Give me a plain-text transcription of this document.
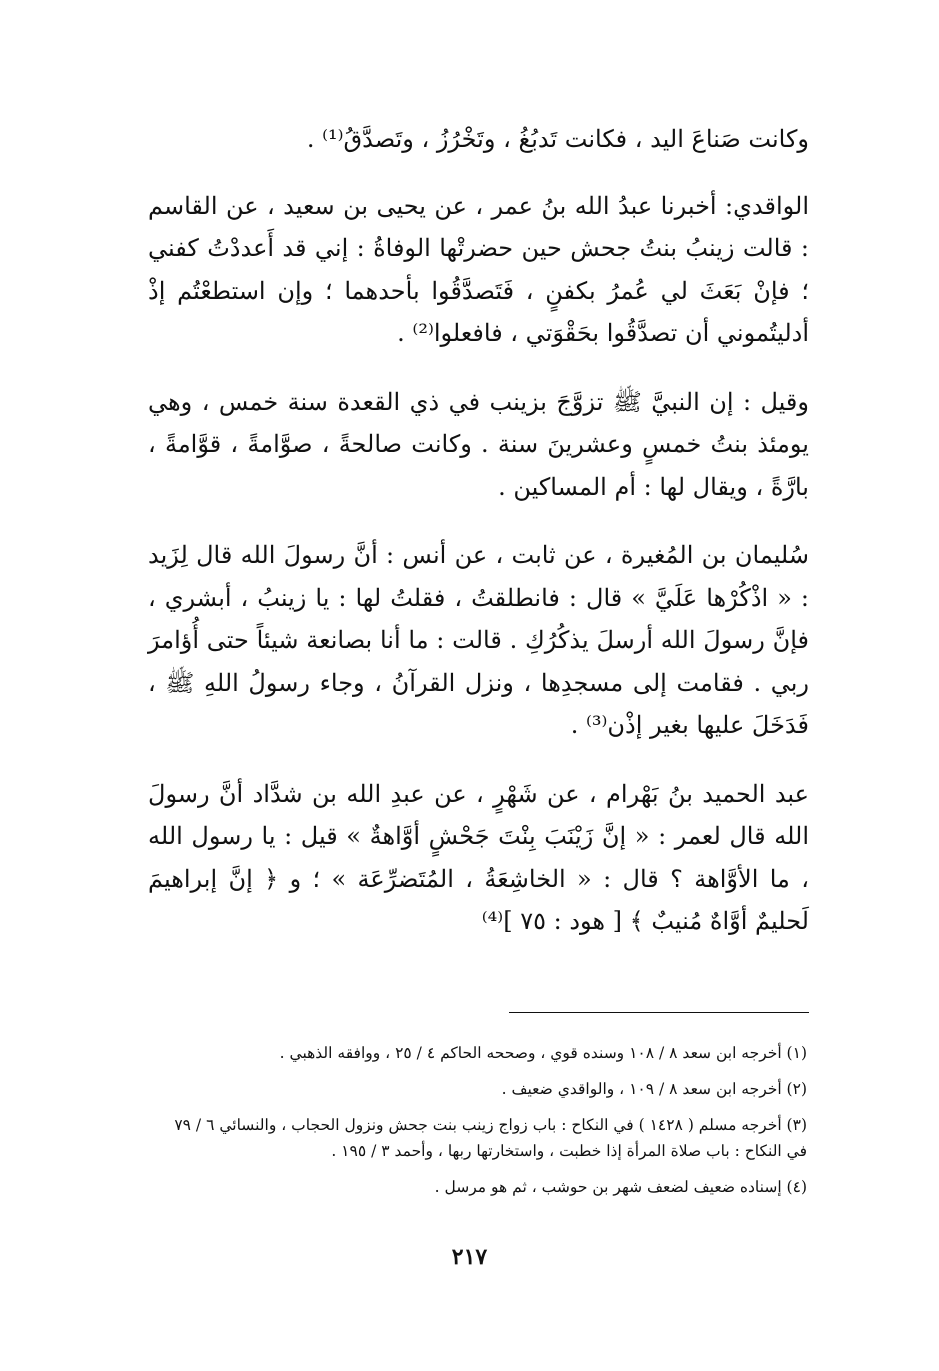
وكانت صَناعَ اليد ، فكانت تَدبُغُ ، وتَخْرُزُ ، وتَصدَّقُ⁽¹⁾ .

الواقدي: أخبرنا عبدُ الله بنُ عمر ، عن يحيى بن سعيد ، عن القاسم : قالت زينبُ بنتُ جحش حين حضرتْها الوفاةُ : إني قد أَعددْتُ كفني ؛ فإنْ بَعَثَ لي عُمرُ بكفنٍ ، فَتَصدَّقُوا بأحدهما ؛ وإن استطعْتُم إذْ أدليتُموني أن تصدَّقُوا بحَقْوَتي ، فافعلوا⁽²⁾ .

وقيل : إن النبيَّ ﷺ تزوَّجَ بزينب في ذي القعدة سنة خمس ، وهي يومئذ بنتُ خمسٍ وعشرينَ سنة . وكانت صالحةً ، صوَّامةً ، قوَّامةً ، بارَّةً ، ويقال لها : أم المساكين .

سُليمان بن المُغيرة ، عن ثابت ، عن أنس : أنَّ رسولَ الله قال لِزَيد : « اذْكُرْها عَلَيَّ » قال : فانطلقتُ ، فقلتُ لها : يا زينبُ ، أبشري ، فإنَّ رسولَ الله أرسلَ يذكُرُكِ . قالت : ما أنا بصانعة شيئاً حتى أُؤامرَ ربي . فقامت إلى مسجدِها ، ونزل القرآنُ ، وجاء رسولُ اللهِ ﷺ ، فَدَخَلَ عليها بغير إذْن⁽³⁾ .

عبد الحميد بنُ بَهْرام ، عن شَهْرٍ ، عن عبدِ الله بن شدَّاد أنَّ رسولَ الله قال لعمر : « إنَّ زَيْنَبَ بِنْتَ جَحْشٍ أوَّاهةٌ » قيل : يا رسول الله ، ما الأوَّاهة ؟ قال : « الخاشِعَةُ ، المُتَضرِّعَة » ؛ و ﴿ إنَّ إبراهيمَ لَحليمٌ أوَّاهٌ مُنيبٌ ﴾ [ هود : ٧٥ ]⁽⁴⁾

(١) أخرجه ابن سعد ٨ / ١٠٨ وسنده قوي ، وصححه الحاكم ٤ / ٢٥ ، ووافقه الذهبي .

(٢) أخرجه ابن سعد ٨ / ١٠٩ ، والواقدي ضعيف .

(٣) أخرجه مسلم ( ١٤٢٨ ) في النكاح : باب زواج زينب بنت جحش ونزول الحجاب ، والنسائي ٦ / ٧٩ في النكاح : باب صلاة المرأة إذا خطبت ، واستخارتها ربها ، وأحمد ٣ / ١٩٥ .

(٤) إسناده ضعيف لضعف شهر بن حوشب ، ثم هو مرسل .

٢١٧
